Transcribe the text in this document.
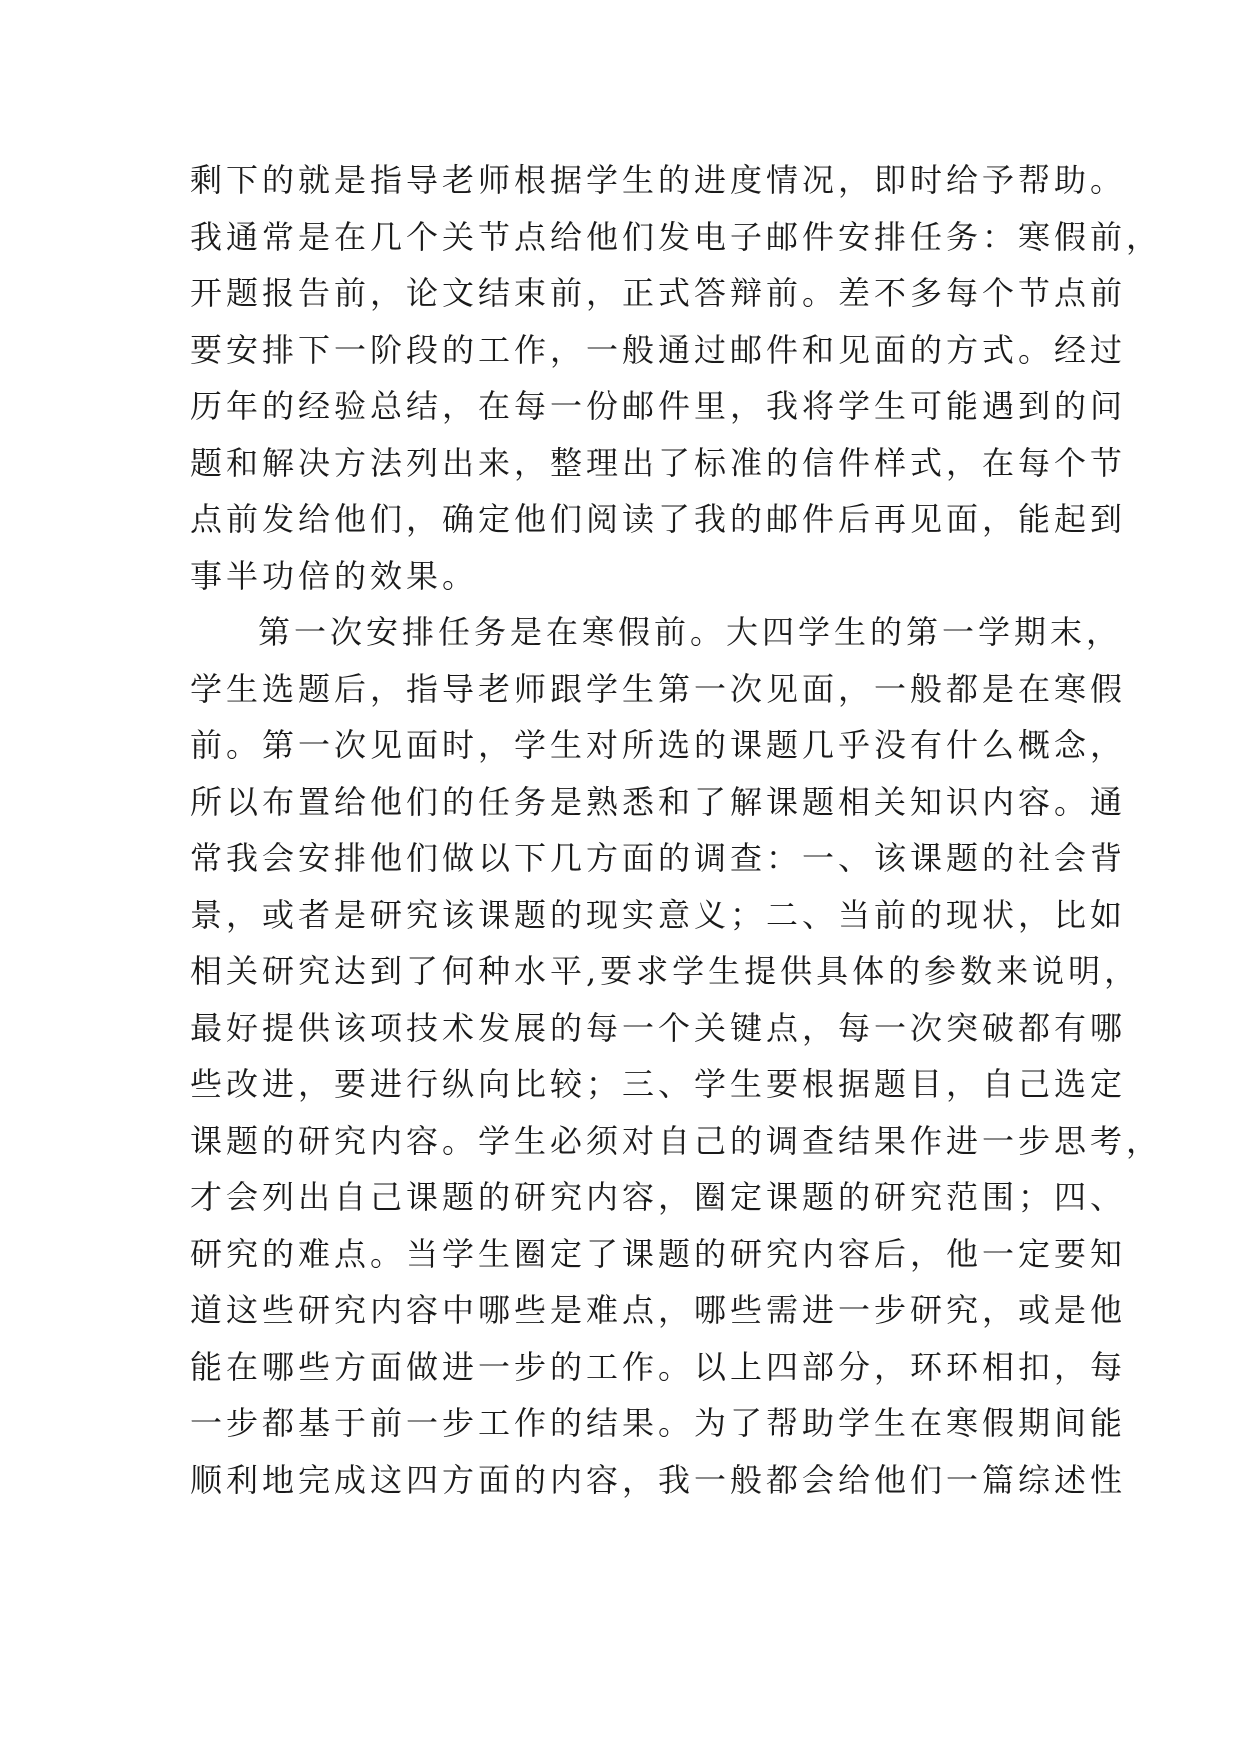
剩下的就是指导老师根据学生的进度情况，即时给予帮助。
我通常是在几个关节点给他们发电子邮件安排任务：寒假前，
开题报告前，论文结束前，正式答辩前。差不多每个节点前
要安排下一阶段的工作，一般通过邮件和见面的方式。经过
历年的经验总结，在每一份邮件里，我将学生可能遇到的问
题和解决方法列出来，整理出了标准的信件样式，在每个节
点前发给他们，确定他们阅读了我的邮件后再见面，能起到
事半功倍的效果。
第一次安排任务是在寒假前。大四学生的第一学期末，
学生选题后，指导老师跟学生第一次见面，一般都是在寒假
前。第一次见面时，学生对所选的课题几乎没有什么概念，
所以布置给他们的任务是熟悉和了解课题相关知识内容。通
常我会安排他们做以下几方面的调查：一、该课题的社会背
景，或者是研究该课题的现实意义；二、当前的现状，比如
相关研究达到了何种水平,要求学生提供具体的参数来说明，
最好提供该项技术发展的每一个关键点，每一次突破都有哪
些改进，要进行纵向比较；三、学生要根据题目，自己选定
课题的研究内容。学生必须对自己的调查结果作进一步思考，
才会列出自己课题的研究内容，圈定课题的研究范围；四、
研究的难点。当学生圈定了课题的研究内容后，他一定要知
道这些研究内容中哪些是难点，哪些需进一步研究，或是他
能在哪些方面做进一步的工作。以上四部分，环环相扣，每
一步都基于前一步工作的结果。为了帮助学生在寒假期间能
顺利地完成这四方面的内容，我一般都会给他们一篇综述性
